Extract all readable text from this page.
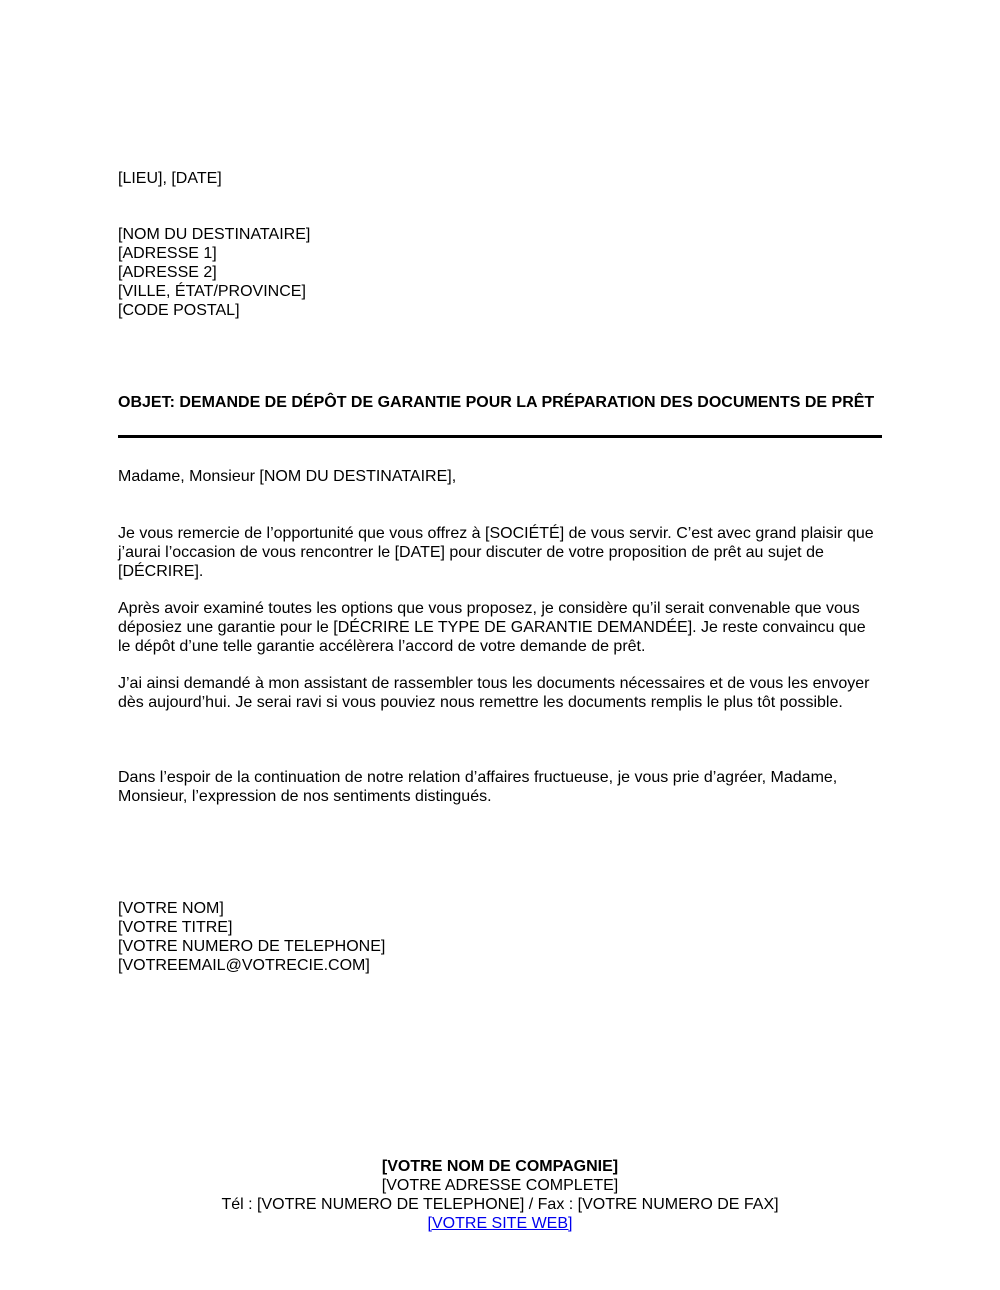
[LIEU], [DATE]
[NOM DU DESTINATAIRE]
[ADRESSE 1]
[ADRESSE 2]
[VILLE, ÉTAT/PROVINCE]
[CODE POSTAL]
OBJET: DEMANDE DE DÉPÔT DE GARANTIE POUR LA PRÉPARATION DES DOCUMENTS DE PRÊT
Madame, Monsieur [NOM DU DESTINATAIRE],

Je vous remercie de l’opportunité que vous offrez à [SOCIÉTÉ] de vous servir. C’est avec grand plaisir que j’aurai l’occasion de vous rencontrer le [DATE] pour discuter de votre proposition de prêt au sujet de [DÉCRIRE].

Après avoir examiné toutes les options que vous proposez, je considère qu’il serait convenable que vous déposiez une garantie pour le [DÉCRIRE LE TYPE DE GARANTIE DEMANDÉE]. Je reste convaincu que le dépôt d’une telle garantie accélèrera l’accord de votre demande de prêt.

J’ai ainsi demandé à mon assistant de rassembler tous les documents nécessaires et de vous les envoyer dès aujourd’hui. Je serai ravi si vous pouviez nous remettre les documents remplis le plus tôt possible.

Dans l’espoir de la continuation de notre relation d’affaires fructueuse, je vous prie d’agréer, Madame, Monsieur, l’expression de nos sentiments distingués.

[VOTRE NOM]
[VOTRE TITRE]
[VOTRE NUMERO DE TELEPHONE]
[VOTREEMAIL@VOTRECIE.COM]
[VOTRE NOM DE COMPAGNIE]
[VOTRE ADRESSE COMPLETE]
Tél : [VOTRE NUMERO DE TELEPHONE] / Fax : [VOTRE NUMERO DE FAX]
[VOTRE SITE WEB]
